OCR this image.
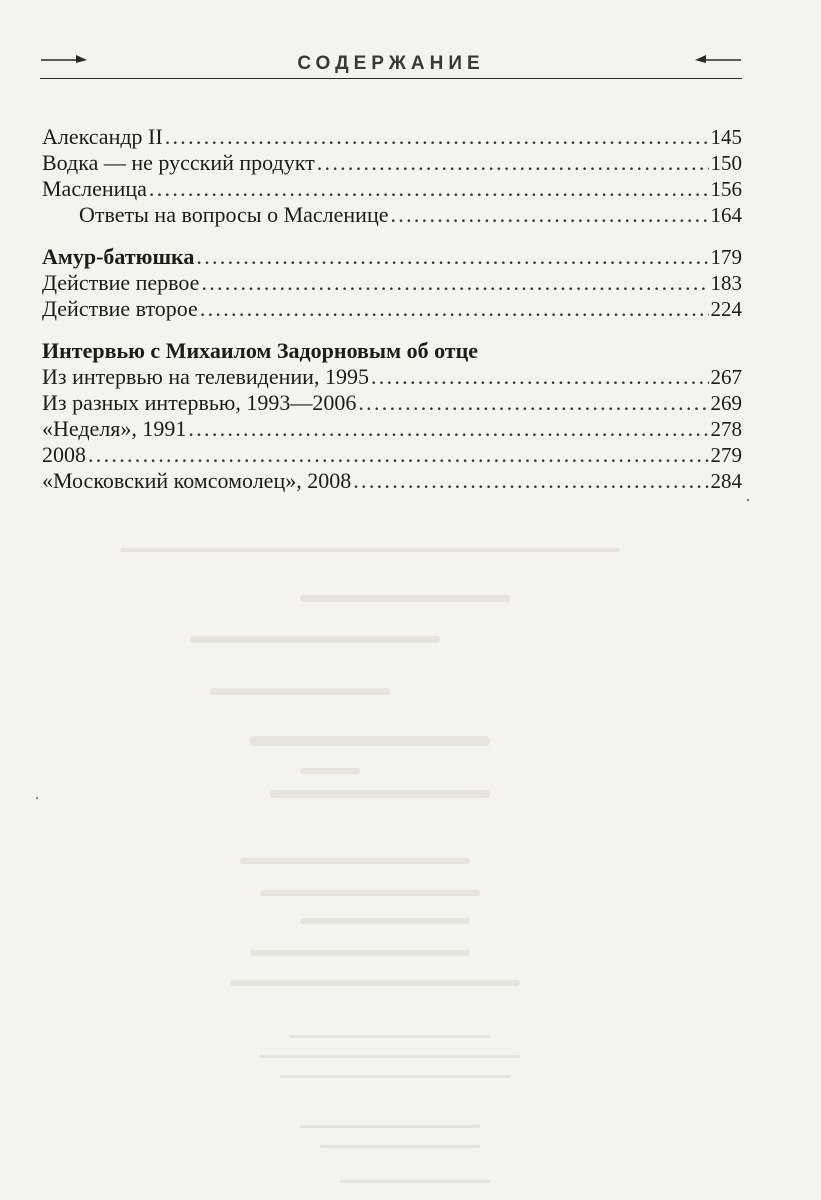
СОДЕРЖАНИЕ
Александр II . . .	145
Водка — не русский продукт . . .	150
Масленица . . .	156
Ответы на вопросы о Масленице . . .	164
Амур-батюшка . . .	179
Действие первое . . .	183
Действие второе . . .	224
Интервью с Михаилом Задорновым об отце
Из интервью на телевидении, 1995 . . .	267
Из разных интервью, 1993—2006 . . .	269
«Неделя», 1991 . . .	278
2008 . . .	279
«Московский комсомолец», 2008 . . .	284
